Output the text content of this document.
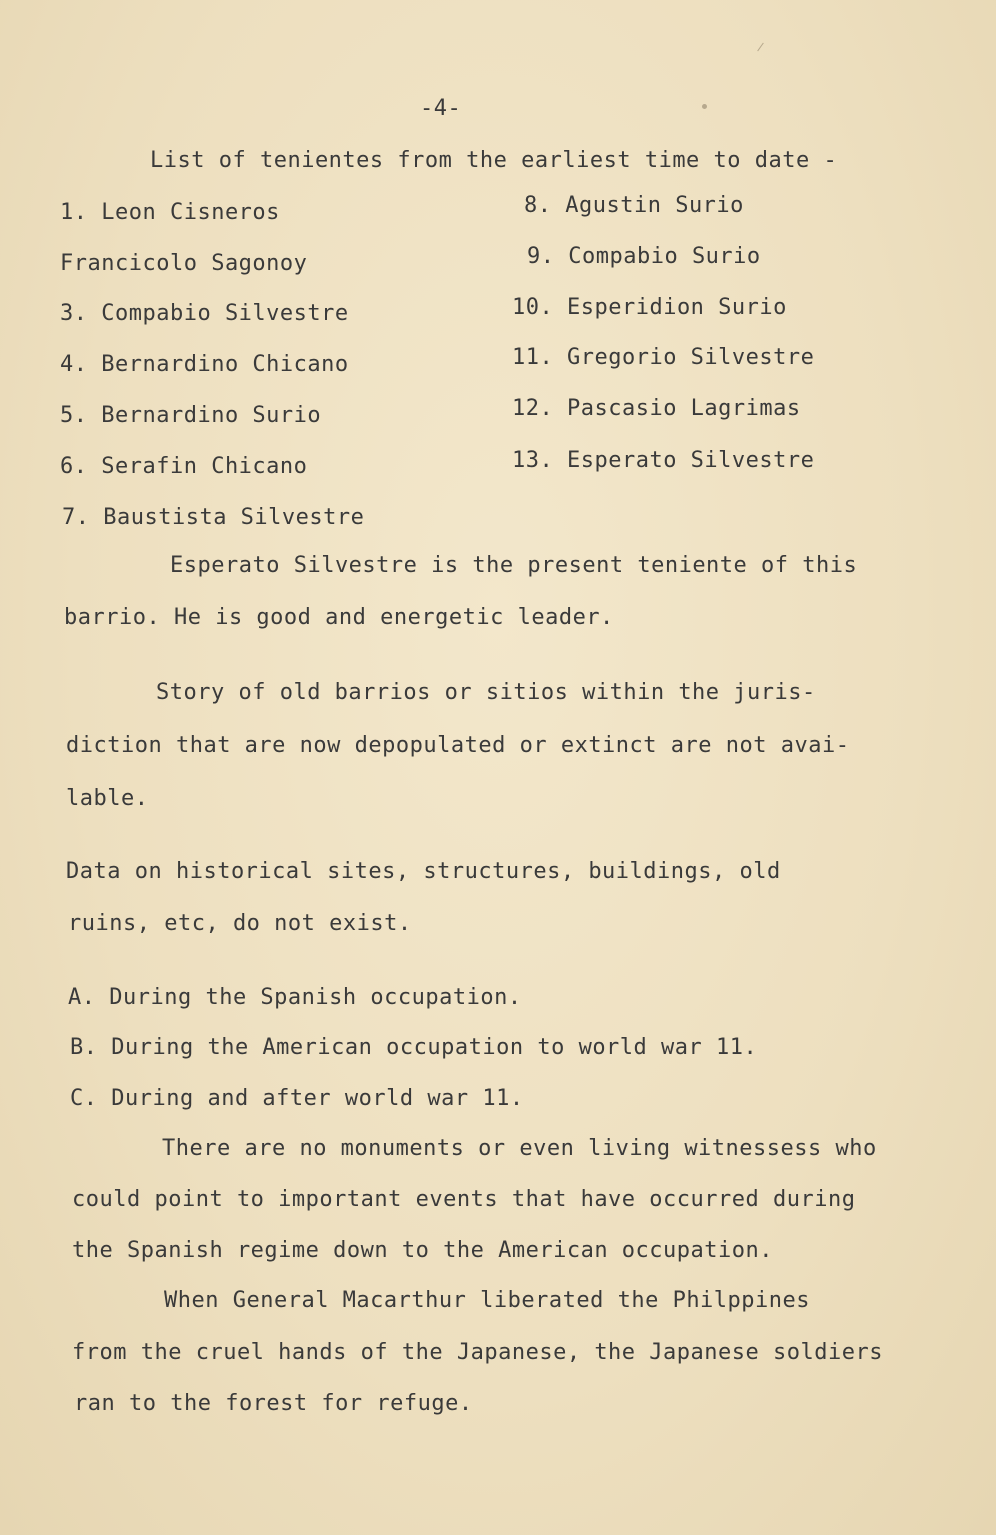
-4-
List of tenientes from the earliest time to date -
1. Leon Cisneros
Francicolo Sagonoy
3. Compabio Silvestre
4. Bernardino Chicano
5. Bernardino Surio
6. Serafin Chicano
7. Baustista Silvestre
8. Agustin Surio
9. Compabio Surio
10. Esperidion Surio
11. Gregorio Silvestre
12. Pascasio Lagrimas
13. Esperato Silvestre
Esperato Silvestre is the present teniente of this
barrio. He is good and energetic leader.
Story of old barrios or sitios within the juris-
diction that are now depopulated or extinct are not avai-
lable.
Data on historical sites, structures, buildings, old
ruins, etc, do not exist.
A. During the Spanish occupation.
B. During the American occupation to world war 11.
C. During and after world war 11.
There are no monuments or even living witnessess who
could point to important events that have occurred during
the Spanish regime down to the American occupation.
When General Macarthur liberated the Philppines
from the cruel hands of the Japanese, the Japanese soldiers
ran to the forest for refuge.
